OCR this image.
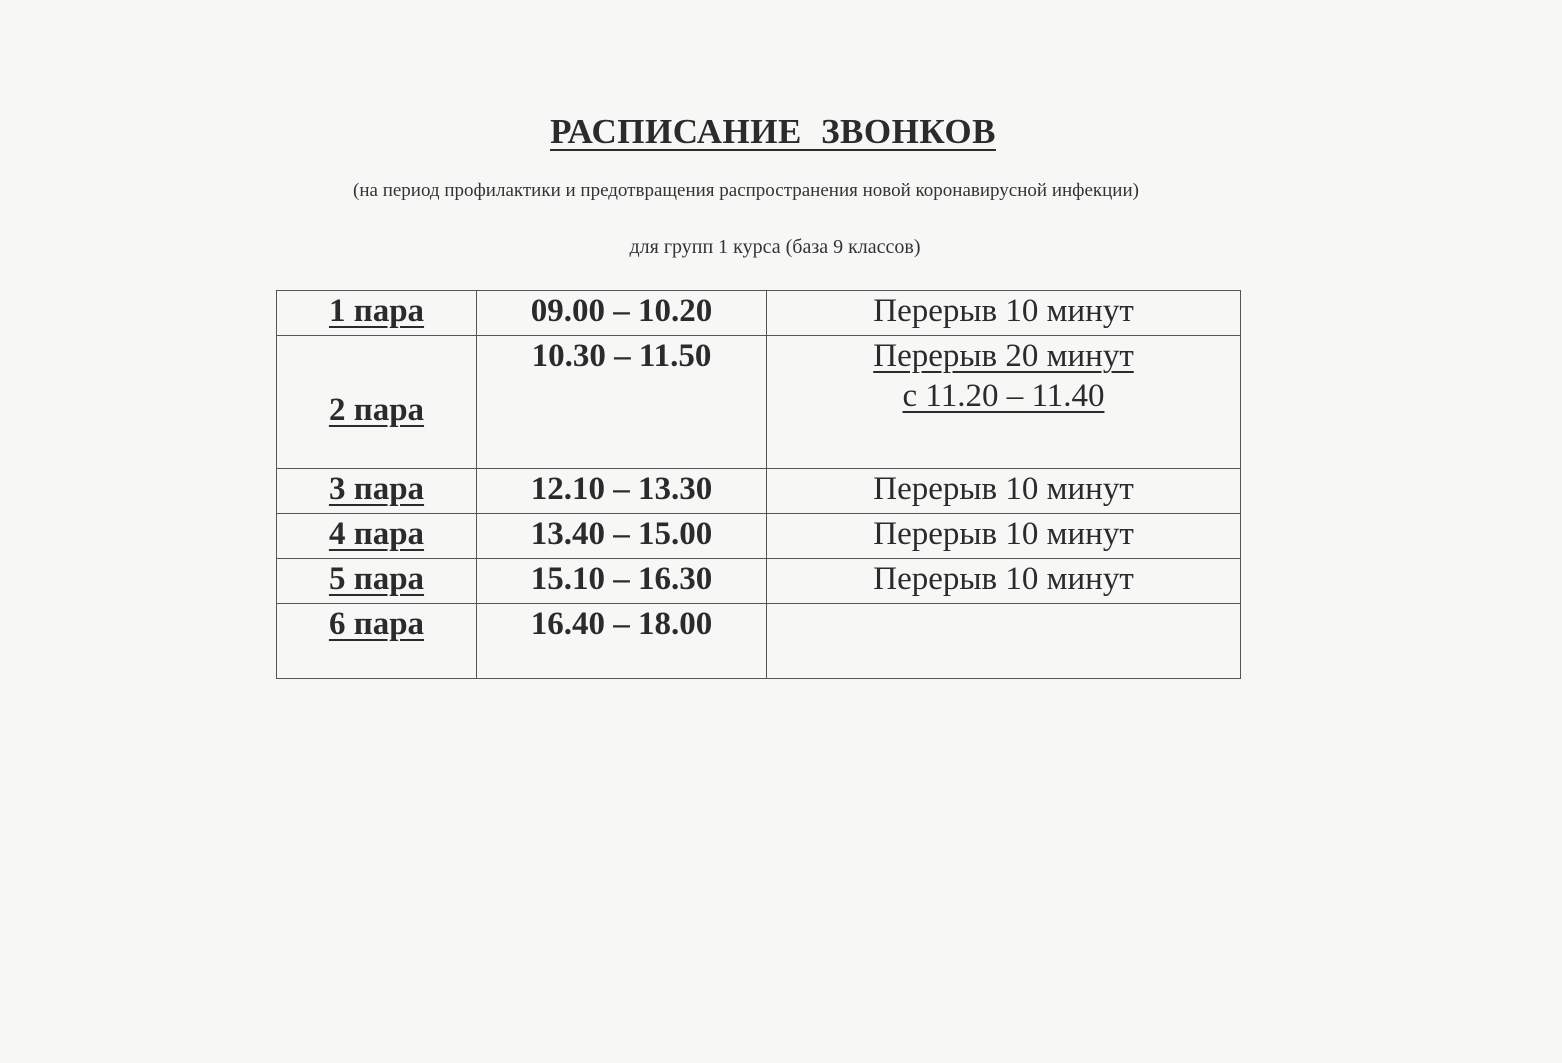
РАСПИСАНИЕ ЗВОНКОВ
(на период профилактики и предотвращения распространения новой коронавирусной инфекции)
для групп 1 курса (база 9 классов)
1 пара	09.00 – 10.20	Перерыв 10 минут
2 пара	10.30 – 11.50	Перерыв 20 минут
с 11.20 – 11.40

3 пара	12.10 – 13.30	Перерыв 10 минут
4 пара	13.40 – 15.00	Перерыв 10 минут
5 пара	15.10 – 16.30	Перерыв 10 минут
6 пара	16.40 – 18.00	
